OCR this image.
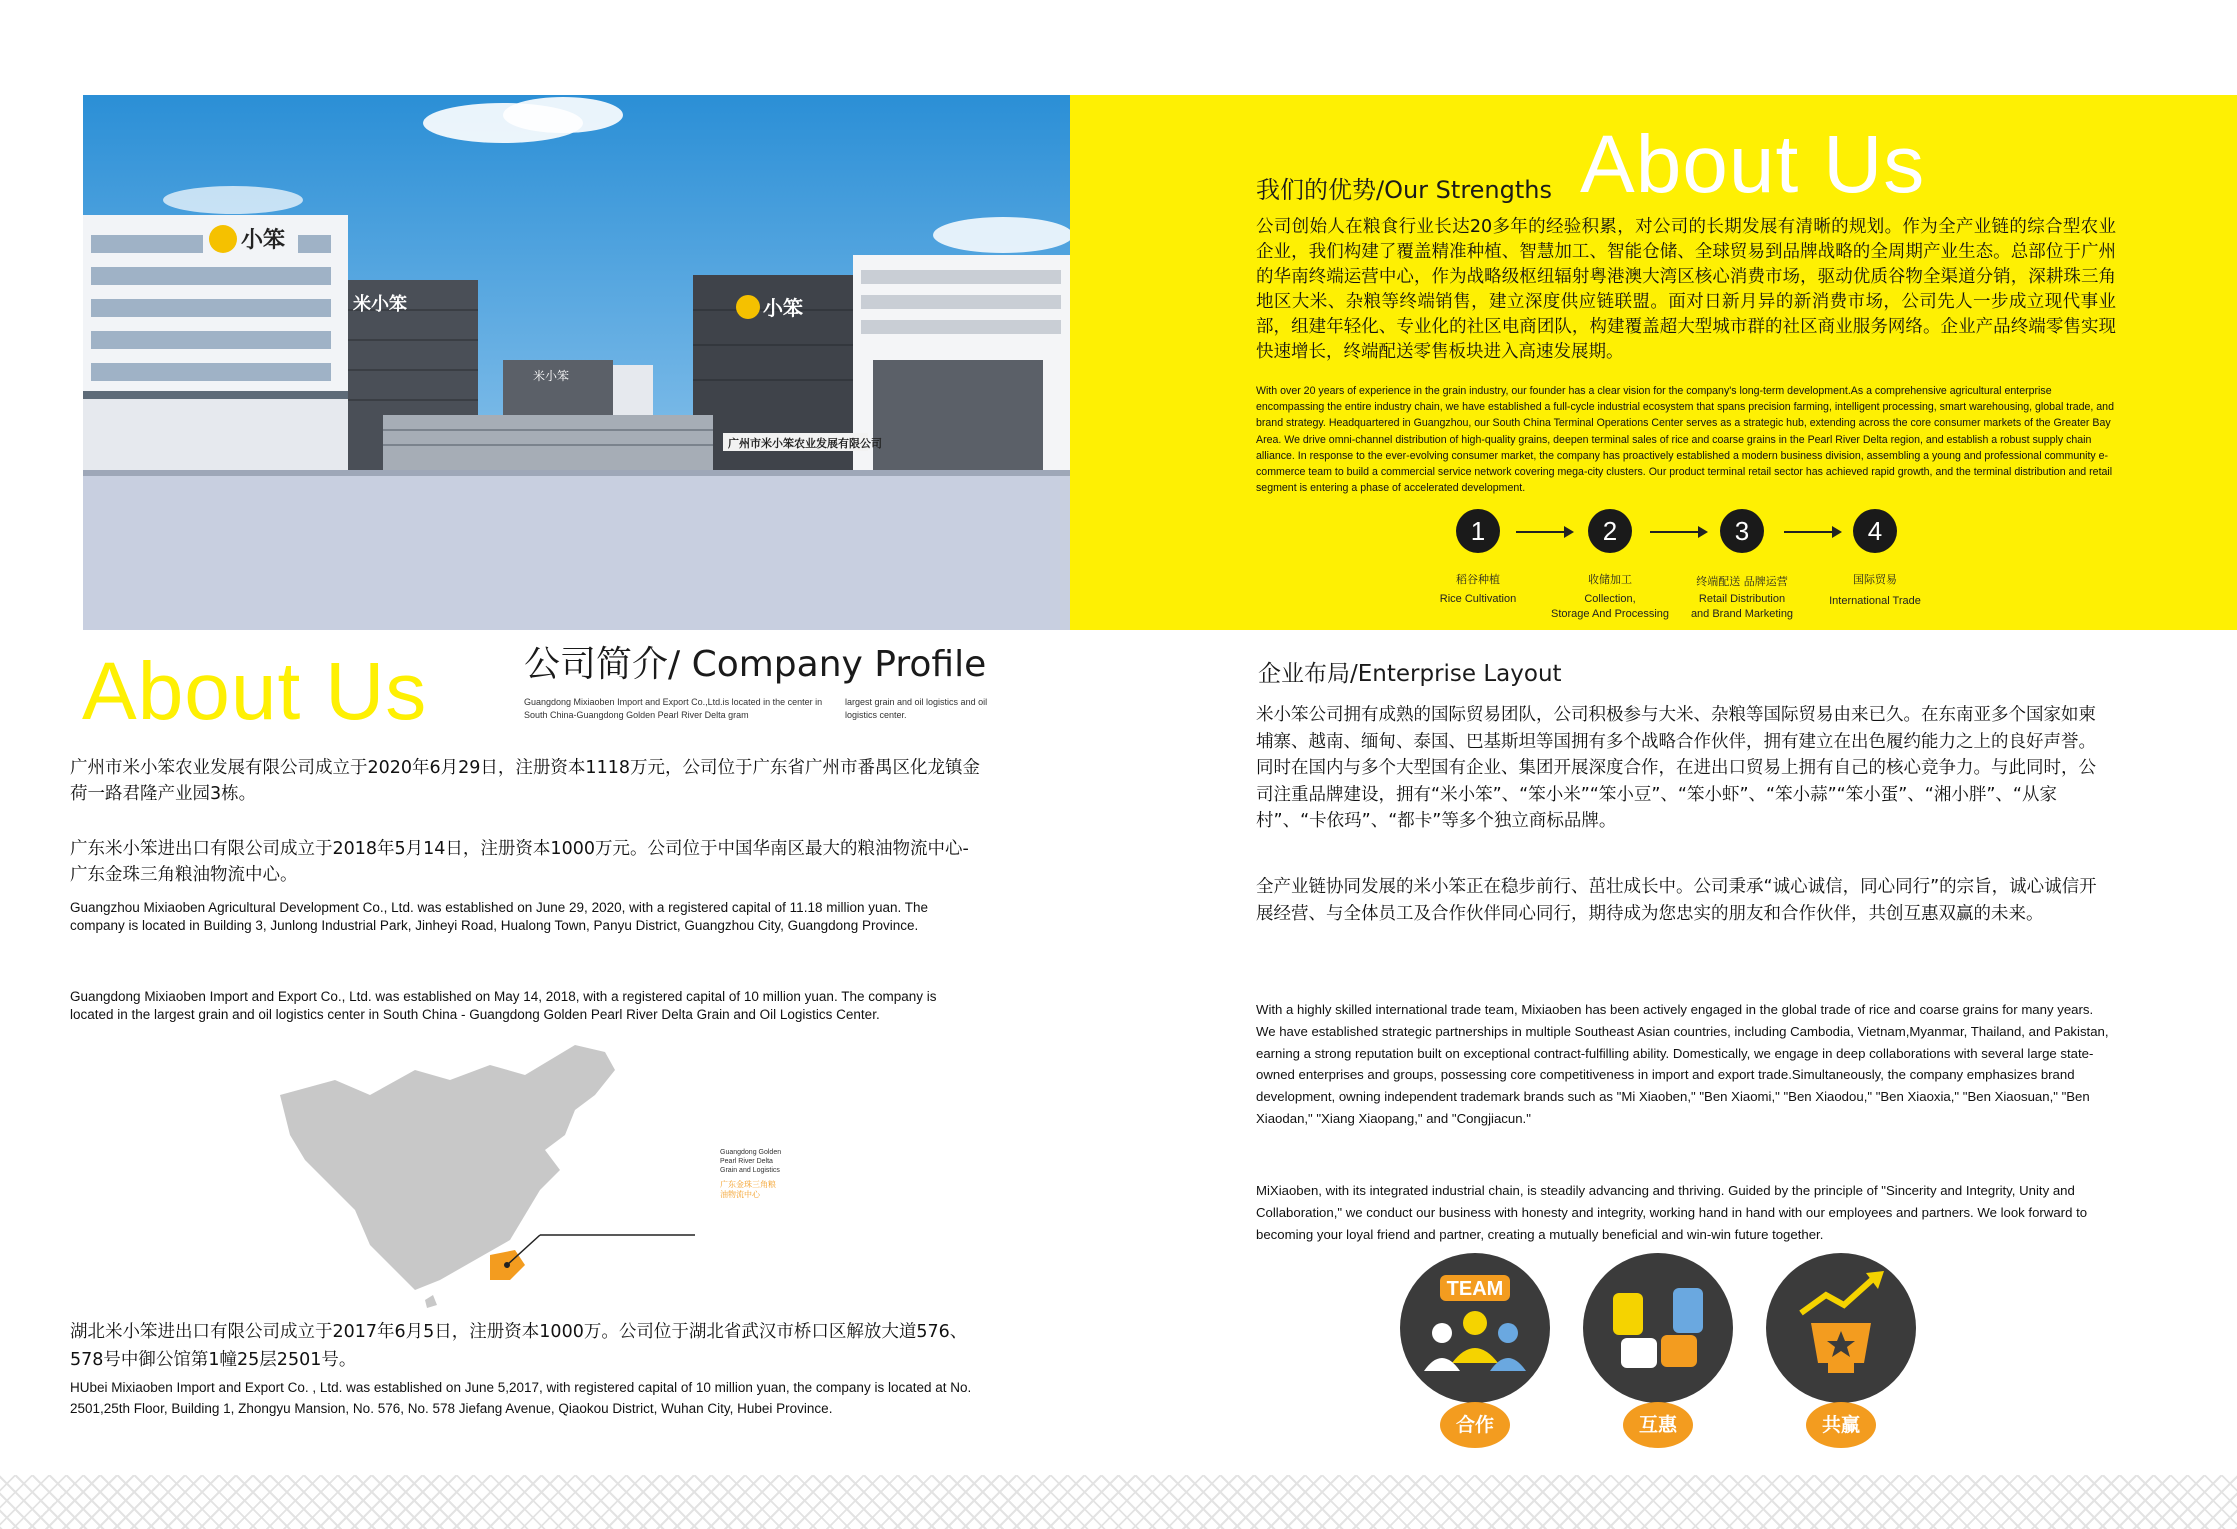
小笨
米小笨
米小笨
小笨
广州市米小笨农业发展有限公司
我们的优势/Our Strengths About Us
公司创始人在粮食行业长达20多年的经验积累，对公司的长期发展有清晰的规划。作为全产业链的综合型农业企业，我们构建了覆盖精准种植、智慧加工、智能仓储、全球贸易到品牌战略的全周期产业生态。总部位于广州的华南终端运营中心，作为战略级枢纽辐射粤港澳大湾区核心消费市场，驱动优质谷物全渠道分销，深耕珠三角地区大米、杂粮等终端销售，建立深度供应链联盟。面对日新月异的新消费市场，公司先人一步成立现代事业部，组建年轻化、专业化的社区电商团队，构建覆盖超大型城市群的社区商业服务网络。企业产品终端零售实现快速增长，终端配送零售板块进入高速发展期。
With over 20 years of experience in the grain industry, our founder has a clear vision for the company's long-term development.As a comprehensive agricultural enterprise encompassing the entire industry chain, we have established a full-cycle industrial ecosystem that spans precision farming, intelligent processing, smart warehousing, global trade, and brand strategy. Headquartered in Guangzhou, our South China Terminal Operations Center serves as a strategic hub, extending across the core consumer markets of the Greater Bay Area. We drive omni-channel distribution of high-quality grains, deepen terminal sales of rice and coarse grains in the Pearl River Delta region, and establish a robust supply chain alliance. In response to the ever-evolving consumer market, the company has proactively established a modern business division, assembling a young and professional community e-commerce team to build a commercial service network covering mega-city clusters. Our product terminal retail sector has achieved rapid growth, and the terminal distribution and retail segment is entering a phase of accelerated development.
1	2	3	4
稻谷种植
Rice Cultivation
收储加工
Collection,
Storage And Processing
终端配送 品牌运营
Retail Distribution
and Brand Marketing
国际贸易
International Trade
About Us	公司简介/ Company Profile
Guangdong Mixiaoben Import and Export Co.,Ltd.is located in the center in South China-Guangdong Golden Pearl River Delta gram
largest grain and oil logistics and oil logistics center.
广州市米小笨农业发展有限公司成立于2020年6月29日，注册资本1118万元，公司位于广东省广州市番禺区化龙镇金荷一路君隆产业园3栋。
广东米小笨进出口有限公司成立于2018年5月14日，注册资本1000万元。公司位于中国华南区最大的粮油物流中心-广东金珠三角粮油物流中心。
Guangzhou Mixiaoben Agricultural Development Co., Ltd. was established on June 29, 2020, with a registered capital of 11.18 million yuan. The company is located in Building 3, Junlong Industrial Park, Jinheyi Road, Hualong Town, Panyu District, Guangzhou City, Guangdong Province.
Guangdong Mixiaoben Import and Export Co., Ltd. was established on May 14, 2018, with a registered capital of 10 million yuan. The company is located in the largest grain and oil logistics center in South China - Guangdong Golden Pearl River Delta Grain and Oil Logistics Center.
Guangdong Golden Pearl River Delta Grain and Logistics
广东金珠三角粮油物流中心
湖北米小笨进出口有限公司成立于2017年6月5日，注册资本1000万。公司位于湖北省武汉市桥口区解放大道576、578号中御公馆第1幢25层2501号。
HUbei Mixiaoben Import and Export Co. , Ltd. was established on June 5,2017, with registered capital of 10 million yuan, the company is located at No. 2501,25th Floor, Building 1, Zhongyu Mansion, No. 576, No. 578 Jiefang Avenue, Qiaokou District, Wuhan City, Hubei Province.
企业布局/Enterprise Layout
米小笨公司拥有成熟的国际贸易团队，公司积极参与大米、杂粮等国际贸易由来已久。在东南亚多个国家如柬埔寨、越南、缅甸、泰国、巴基斯坦等国拥有多个战略合作伙伴，拥有建立在出色履约能力之上的良好声誉。同时在国内与多个大型国有企业、集团开展深度合作，在进出口贸易上拥有自己的核心竞争力。与此同时，公司注重品牌建设，拥有“米小笨”、“笨小米”“笨小豆”、“笨小虾”、“笨小蒜”“笨小蛋”、“湘小胖”、“从家村”、“卡依玛”、“都卡”等多个独立商标品牌。
全产业链协同发展的米小笨正在稳步前行、茁壮成长中。公司秉承“诚心诚信，同心同行”的宗旨，诚心诚信开展经营、与全体员工及合作伙伴同心同行，期待成为您忠实的朋友和合作伙伴，共创互惠双赢的未来。
With a highly skilled international trade team, Mixiaoben has been actively engaged in the global trade of rice and coarse grains for many years. We have established strategic partnerships in multiple Southeast Asian countries, including Cambodia, Vietnam,Myanmar, Thailand, and Pakistan, earning a strong reputation built on exceptional contract-fulfilling ability. Domestically, we engage in deep collaborations with several large state-owned enterprises and groups, possessing core competitiveness in import and export trade.Simultaneously, the company emphasizes brand development, owning independent trademark brands such as "Mi Xiaoben," "Ben Xiaomi," "Ben Xiaodou," "Ben Xiaoxia," "Ben Xiaosuan," "Ben Xiaodan," "Xiang Xiaopang," and "Congjiacun."
MiXiaoben, with its integrated industrial chain, is steadily advancing and thriving. Guided by the principle of "Sincerity and Integrity, Unity and Collaboration," we conduct our business with honesty and integrity, working hand in hand with our employees and partners. We look forward to becoming your loyal friend and partner, creating a mutually beneficial and win-win future together.
TEAM
合作	互惠	共赢
